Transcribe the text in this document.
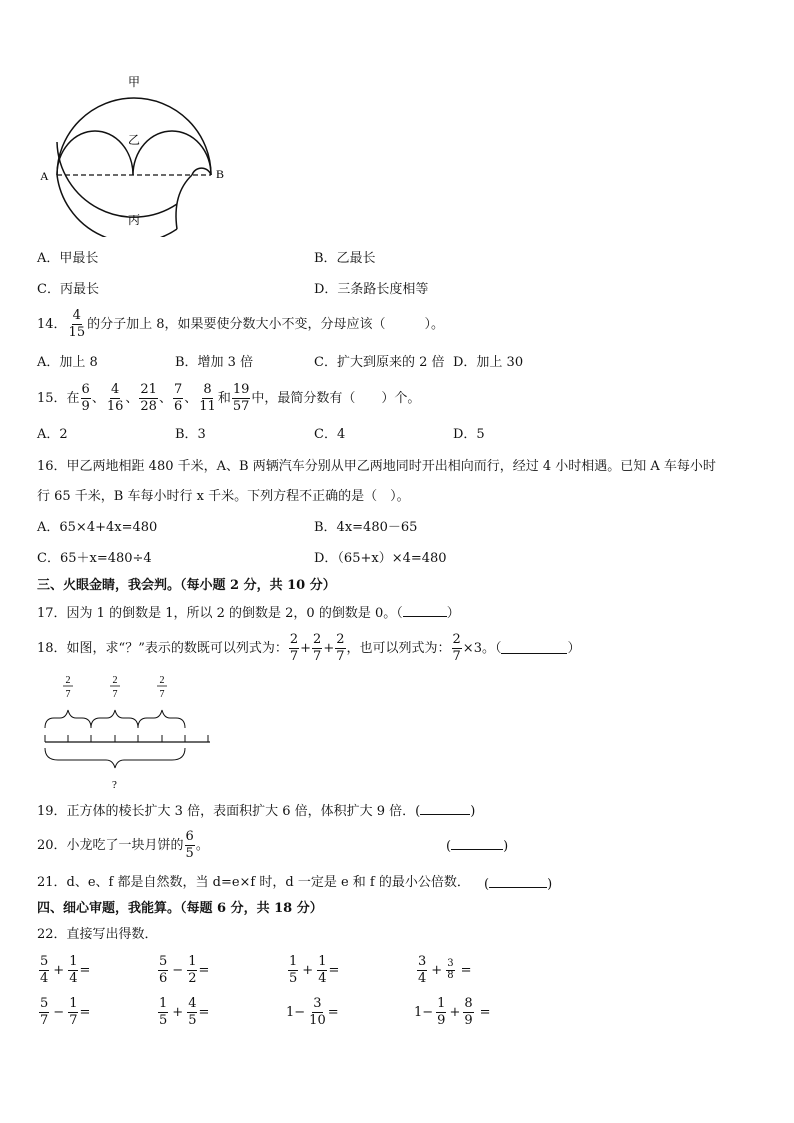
甲
乙
丙
A	B
A．甲最长	B．乙最长
C．丙最长	D．三条路长度相等
14． $\frac{4}{15}$ 的分子加上 8，如果要使分数大小不变，分母应该（　　　）。
A．加上 8	B．增加 3 倍	C．扩大到原来的 2 倍 D．加上 30
15．在 $\frac{6}{9}$ 、 $\frac{4}{16}$ 、 $\frac{21}{28}$ 、 $\frac{7}{6}$ 、 $\frac{8}{11}$ 和 $\frac{19}{57}$ 中，最简分数有（　　）个。
A．2	B．3	C．4	D．5
16．甲乙两地相距 480 千米，A、B 两辆汽车分别从甲乙两地同时开出相向而行，经过 4 小时相遇。已知 A 车每小时
行 65 千米，B 车每小时行 x 千米。下列方程不正确的是（　）。
A．65×4+4x=480	B．4x=480－65
C．65＋x=480÷4	D．（65+x）×4=480
三、火眼金睛，我会判。（每小题 2 分，共 10 分）
17．因为 1 的倒数是 1，所以 2 的倒数是 2，0 的倒数是 0。（	）
18．如图，求“？”表示的数既可以列式为： $\frac{2}{7} + \frac{2}{7} + \frac{2}{7}$ ，也可以列式为： $\frac{2}{7} \times 3$。（	）
2
7
2
7
2
7
?
19．正方体的棱长扩大 3 倍，表面积扩大 6 倍，体积扩大 9 倍．(	)
20．小龙吃了一块月饼的 $\frac{6}{5}$ 。	(	)
21．d、e、f 都是自然数，当 d=e×f 时，d 一定是 e 和 f 的最小公倍数． (	)
四、细心审题，我能算。（每题 6 分，共 18 分）
22．直接写出得数．
$\frac{5}{4} + \frac{1}{4}$ =	$\frac{5}{6} - \frac{1}{2}$ =	$\frac{1}{5} + \frac{1}{4}$ =	$\frac{3}{4} + \frac{3}{8}$ =
$\frac{5}{7} - \frac{1}{7}$ =	$\frac{1}{5} + \frac{4}{5}$ =	$1- \frac{3}{10}$ =	$1- \frac{1}{9} + \frac{8}{9}$ =
